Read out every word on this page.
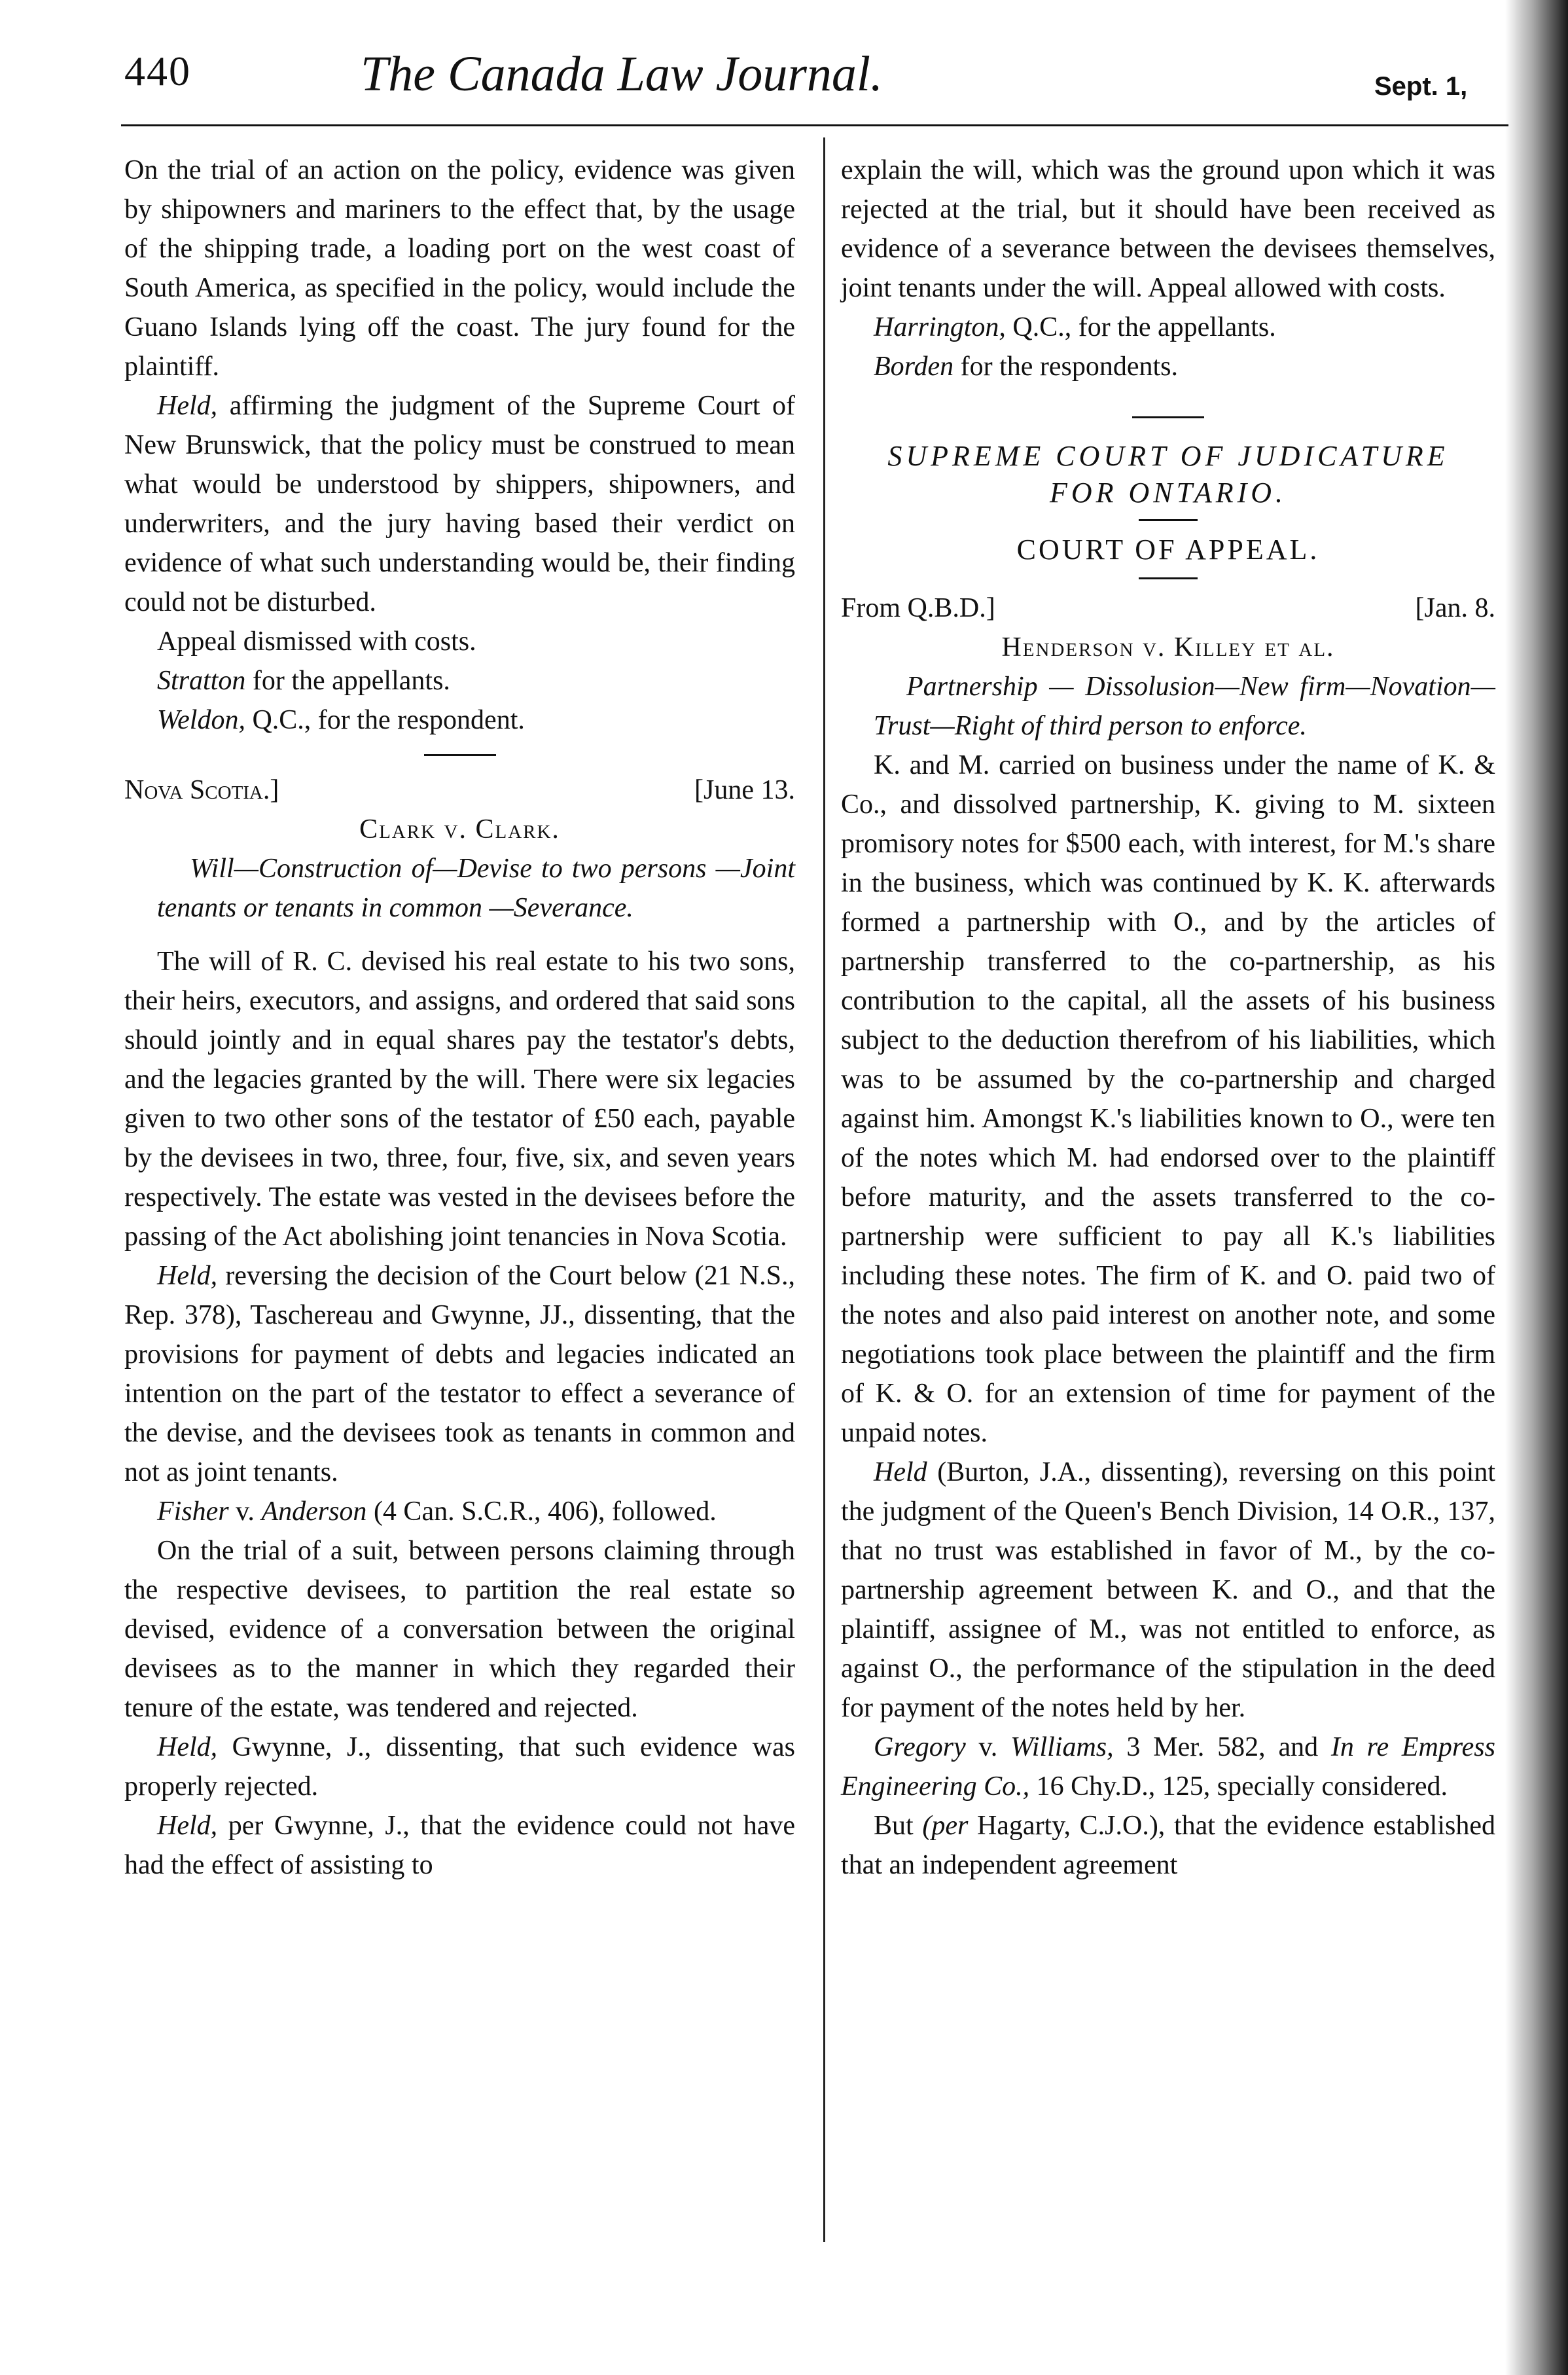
440	The Canada Law Journal.	Sept. 1,

On the trial of an action on the policy, evidence was given by shipowners and mariners to the effect that, by the usage of the shipping trade, a loading port on the west coast of South America, as specified in the policy, would include the Guano Islands lying off the coast. The jury found for the plaintiff.

Held, affirming the judgment of the Supreme Court of New Brunswick, that the policy must be construed to mean what would be understood by shippers, shipowners, and underwriters, and the jury having based their verdict on evidence of what such understanding would be, their finding could not be disturbed.

Appeal dismissed with costs.

Stratton for the appellants.

Weldon, Q.C., for the respondent.

Nova Scotia.]	[June 13.
Clark v. Clark.

Will—Construction of—Devise to two persons —Joint tenants or tenants in common —Severance.

The will of R. C. devised his real estate to his two sons, their heirs, executors, and assigns, and ordered that said sons should jointly and in equal shares pay the testator's debts, and the legacies granted by the will. There were six legacies given to two other sons of the testator of £50 each, payable by the devisees in two, three, four, five, six, and seven years respectively. The estate was vested in the devisees before the passing of the Act abolishing joint tenancies in Nova Scotia.

Held, reversing the decision of the Court below (21 N.S., Rep. 378), Taschereau and Gwynne, JJ., dissenting, that the provisions for payment of debts and legacies indicated an intention on the part of the testator to effect a severance of the devise, and the devisees took as tenants in common and not as joint tenants.

Fisher v. Anderson (4 Can. S.C.R., 406), followed.

On the trial of a suit, between persons claiming through the respective devisees, to partition the real estate so devised, evidence of a conversation between the original devisees as to the manner in which they regarded their tenure of the estate, was tendered and rejected.

Held, Gwynne, J., dissenting, that such evidence was properly rejected.

Held, per Gwynne, J., that the evidence could not have had the effect of assisting to

explain the will, which was the ground upon which it was rejected at the trial, but it should have been received as evidence of a severance between the devisees themselves, joint tenants under the will. Appeal allowed with costs.

Harrington, Q.C., for the appellants.

Borden for the respondents.

SUPREME COURT OF JUDICATURE
FOR ONTARIO.
COURT OF APPEAL.
From Q.B.D.]	[Jan. 8.
Henderson v. Killey et al.

Partnership — Dissolusion—New firm—Novation—Trust—Right of third person to enforce.

K. and M. carried on business under the name of K. & Co., and dissolved partnership, K. giving to M. sixteen promisory notes for $500 each, with interest, for M.'s share in the business, which was continued by K. K. afterwards formed a partnership with O., and by the articles of partnership transferred to the co-partnership, as his contribution to the capital, all the assets of his business subject to the deduction therefrom of his liabilities, which was to be assumed by the co-partnership and charged against him. Amongst K.'s liabilities known to O., were ten of the notes which M. had endorsed over to the plaintiff before maturity, and the assets transferred to the co-partnership were sufficient to pay all K.'s liabilities including these notes. The firm of K. and O. paid two of the notes and also paid interest on another note, and some negotiations took place between the plaintiff and the firm of K. & O. for an extension of time for payment of the unpaid notes.

Held (Burton, J.A., dissenting), reversing on this point the judgment of the Queen's Bench Division, 14 O.R., 137, that no trust was established in favor of M., by the co-partnership agreement between K. and O., and that the plaintiff, assignee of M., was not entitled to enforce, as against O., the performance of the stipulation in the deed for payment of the notes held by her.

Gregory v. Williams, 3 Mer. 582, and In re Empress Engineering Co., 16 Chy.D., 125, specially considered.

But (per Hagarty, C.J.O.), that the evidence established that an independent agreement
